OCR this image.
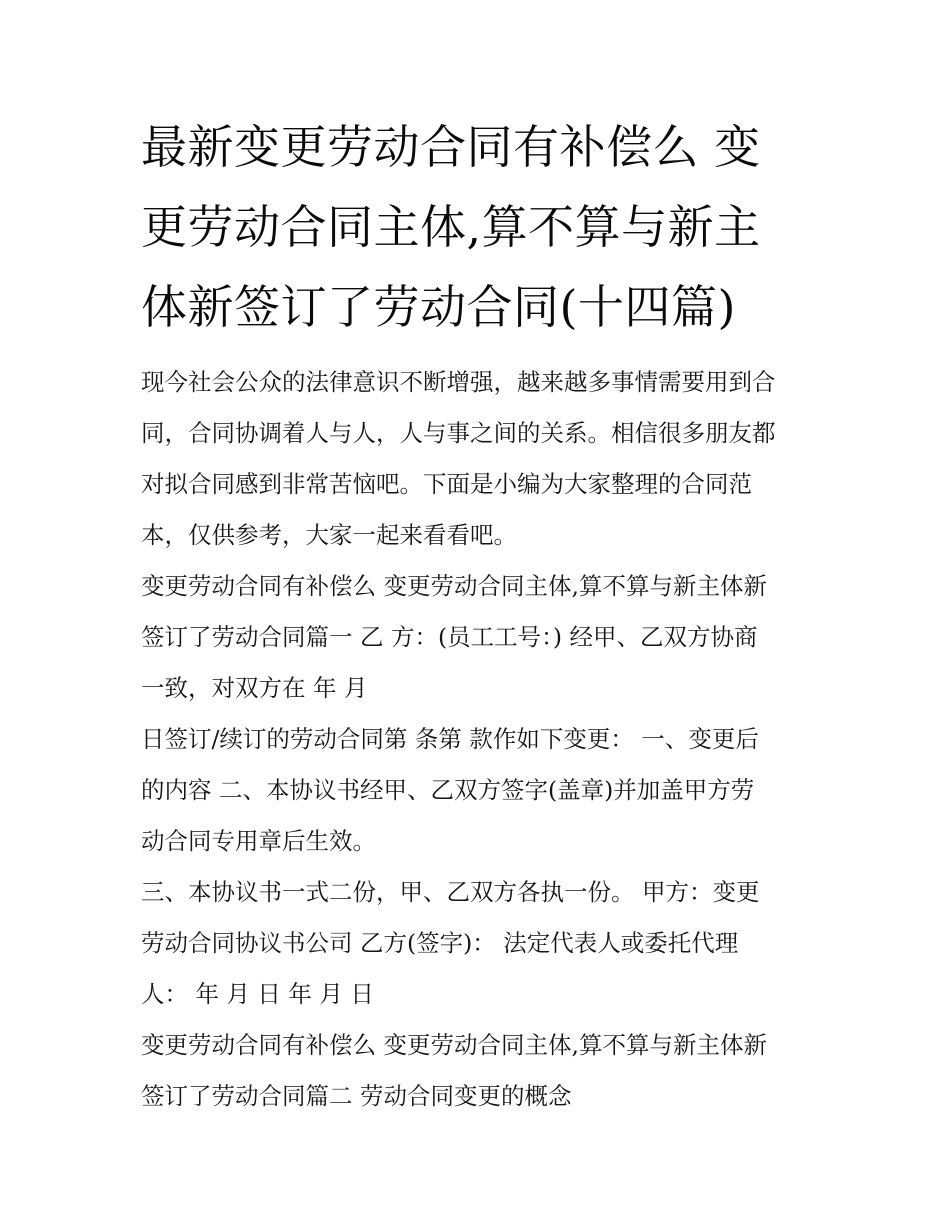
最新变更劳动合同有补偿么 变
更劳动合同主体,算不算与新主
体新签订了劳动合同(十四篇)

现今社会公众的法律意识不断增强，越来越多事情需要用到合
同，合同协调着人与人，人与事之间的关系。相信很多朋友都
对拟合同感到非常苦恼吧。下面是小编为大家整理的合同范
本，仅供参考，大家一起来看看吧。

变更劳动合同有补偿么 变更劳动合同主体,算不算与新主体新
签订了劳动合同篇一 乙 方：(员工工号：) 经甲、乙双方协商
一致，对双方在 年 月

日签订/续订的劳动合同第 条第 款作如下变更： 一、变更后
的内容 二、本协议书经甲、乙双方签字(盖章)并加盖甲方劳
动合同专用章后生效。

三、本协议书一式二份，甲、乙双方各执一份。 甲方：变更
劳动合同协议书公司 乙方(签字)： 法定代表人或委托代理
人： 年 月 日 年 月 日

变更劳动合同有补偿么 变更劳动合同主体,算不算与新主体新
签订了劳动合同篇二 劳动合同变更的概念
